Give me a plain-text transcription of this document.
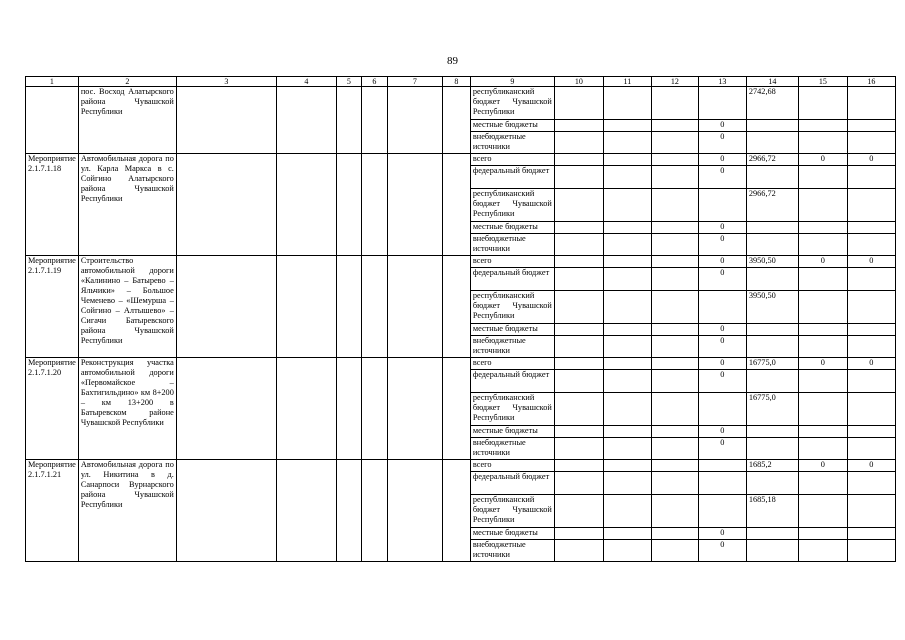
89
1	2	3	4	5	6	7	8	9	10	11	12	13	14	15	16
	пос. Восход Алатырского района Чувашской Республики							республиканский бюджет Чувашской Республики					2742,68		
								местные бюджеты				0			
								внебюджетные источники				0			
Мероприятие 2.1.7.1.18	Автомобильная дорога по ул. Карла Маркса в с. Сойгино Алатырского района Чувашской Республики							всего				0	2966,72	0	0
								федеральный бюджет				0			
								республиканский бюджет Чувашской Республики					2966,72		
								местные бюджеты				0			
								внебюджетные источники				0			
Мероприятие 2.1.7.1.19	Строительство автомобильной дороги «Калинино – Батырево – Яльчики» – Большое Чеменево – «Шемурша – Сойгино – Алтышево» – Сигачи Батыревского района Чувашской Республики							всего				0	3950,50	0	0
								федеральный бюджет				0			
								республиканский бюджет Чувашской Республики					3950,50		
								местные бюджеты				0			
								внебюджетные источники				0			
Мероприятие 2.1.7.1.20	Реконструкция участка автомобильной дороги «Первомайское – Бахтигильдино» км 8+200 – км 13+200 в Батыревском районе Чувашской Республики							всего				0	16775,0	0	0
								федеральный бюджет				0			
								республиканский бюджет Чувашской Республики					16775,0		
								местные бюджеты				0			
								внебюджетные источники				0			
Мероприятие 2.1.7.1.21	Автомобильная дорога по ул. Никитина в д. Санарпоси Вурнарского района Чувашской Республики							всего					1685,2	0	0
								федеральный бюджет							
								республиканский бюджет Чувашской Республики					1685,18		
								местные бюджеты				0			
								внебюджетные источники				0			
